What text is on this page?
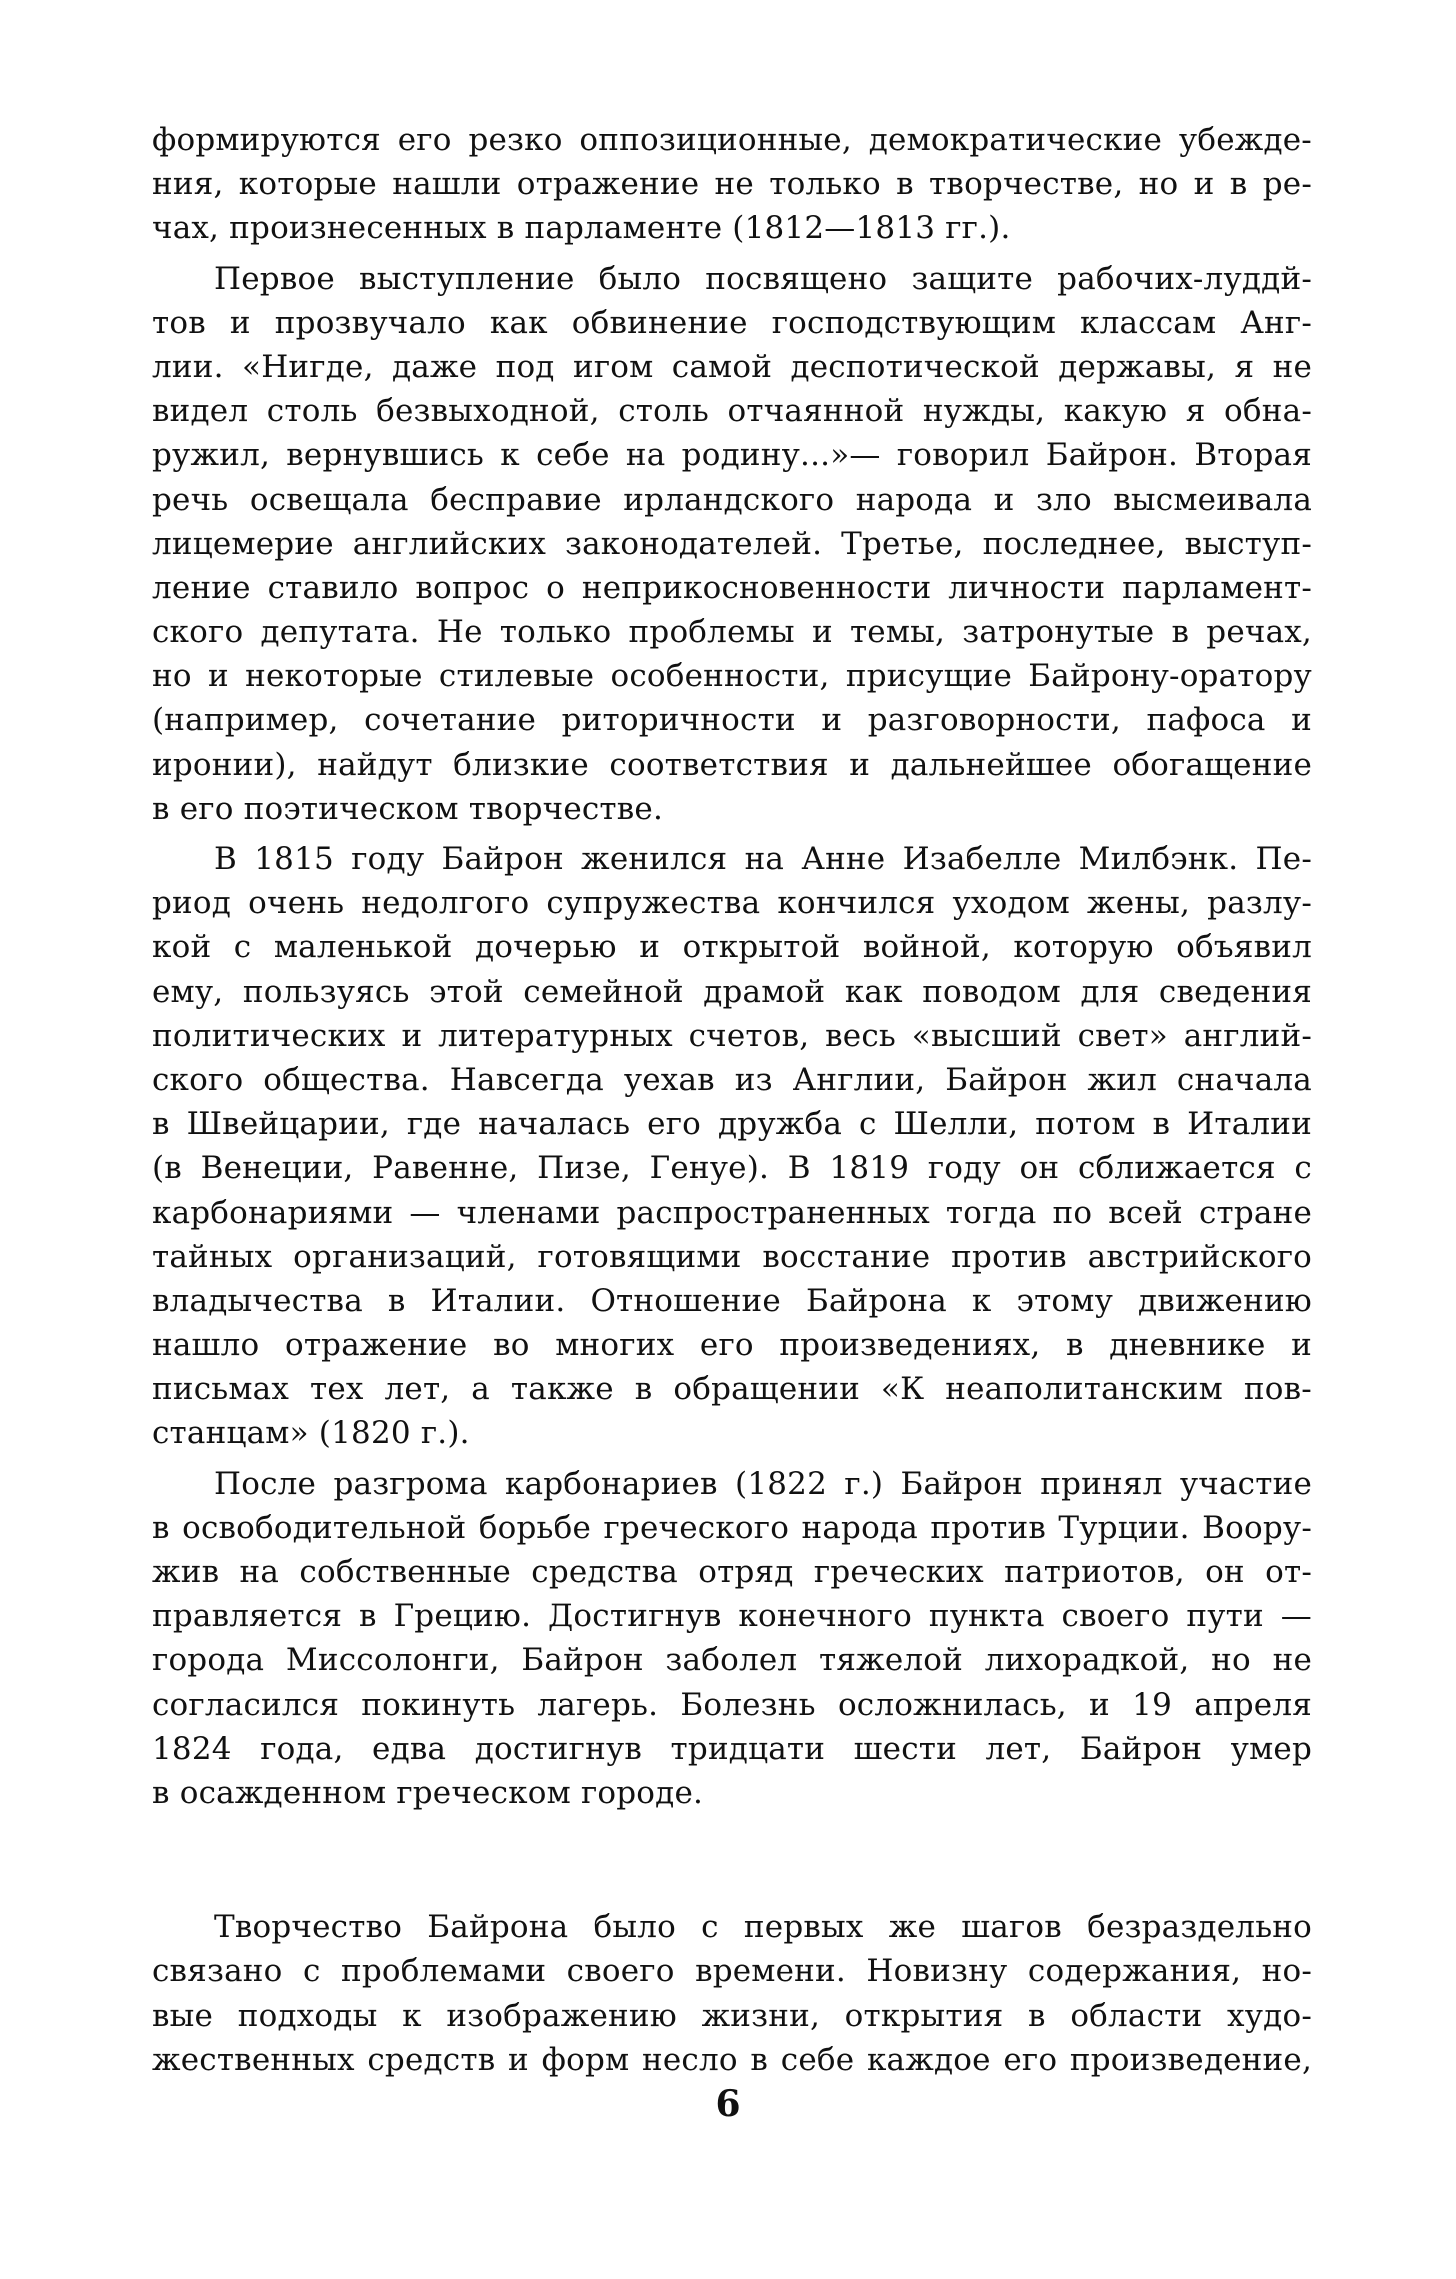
формируются его резко оппозиционные, демократические убежде-
ния, которые нашли отражение не только в творчестве, но и в ре-
чах, произнесенных в парламенте (1812—1813 гг.).
Первое выступление было посвящено защите рабочих-луддй-
тов и прозвучало как обвинение господствующим классам Анг-
лии. «Нигде, даже под игом самой деспотической державы, я не
видел столь безвыходной, столь отчаянной нужды, какую я обна-
ружил, вернувшись к себе на родину...»— говорил Байрон. Вторая
речь освещала бесправие ирландского народа и зло высмеивала
лицемерие английских законодателей. Третье, последнее, выступ-
ление ставило вопрос о неприкосновенности личности парламент-
ского депутата. Не только проблемы и темы, затронутые в речах,
но и некоторые стилевые особенности, присущие Байрону-оратору
(например, сочетание риторичности и разговорности, пафоса и
иронии), найдут близкие соответствия и дальнейшее обогащение
в его поэтическом творчестве.
В 1815 году Байрон женился на Анне Изабелле Милбэнк. Пе-
риод очень недолгого супружества кончился уходом жены, разлу-
кой с маленькой дочерью и открытой войной, которую объявил
ему, пользуясь этой семейной драмой как поводом для сведения
политических и литературных счетов, весь «высший свет» англий-
ского общества. Навсегда уехав из Англии, Байрон жил сначала
в Швейцарии, где началась его дружба с Шелли, потом в Италии
(в Венеции, Равенне, Пизе, Генуе). В 1819 году он сближается с
карбонариями — членами распространенных тогда по всей стране
тайных организаций, готовящими восстание против австрийского
владычества в Италии. Отношение Байрона к этому движению
нашло отражение во многих его произведениях, в дневнике и
письмах тех лет, а также в обращении «К неаполитанским пов-
станцам» (1820 г.).
После разгрома карбонариев (1822 г.) Байрон принял участие
в освободительной борьбе греческого народа против Турции. Воору-
жив на собственные средства отряд греческих патриотов, он от-
правляется в Грецию. Достигнув конечного пункта своего пути —
города Миссолонги, Байрон заболел тяжелой лихорадкой, но не
согласился покинуть лагерь. Болезнь осложнилась, и 19 апреля
1824 года, едва достигнув тридцати шести лет, Байрон умер
в осажденном греческом городе.
Творчество Байрона было с первых же шагов безраздельно
связано с проблемами своего времени. Новизну содержания, но-
вые подходы к изображению жизни, открытия в области худо-
жественных средств и форм несло в себе каждое его произведение,
6
